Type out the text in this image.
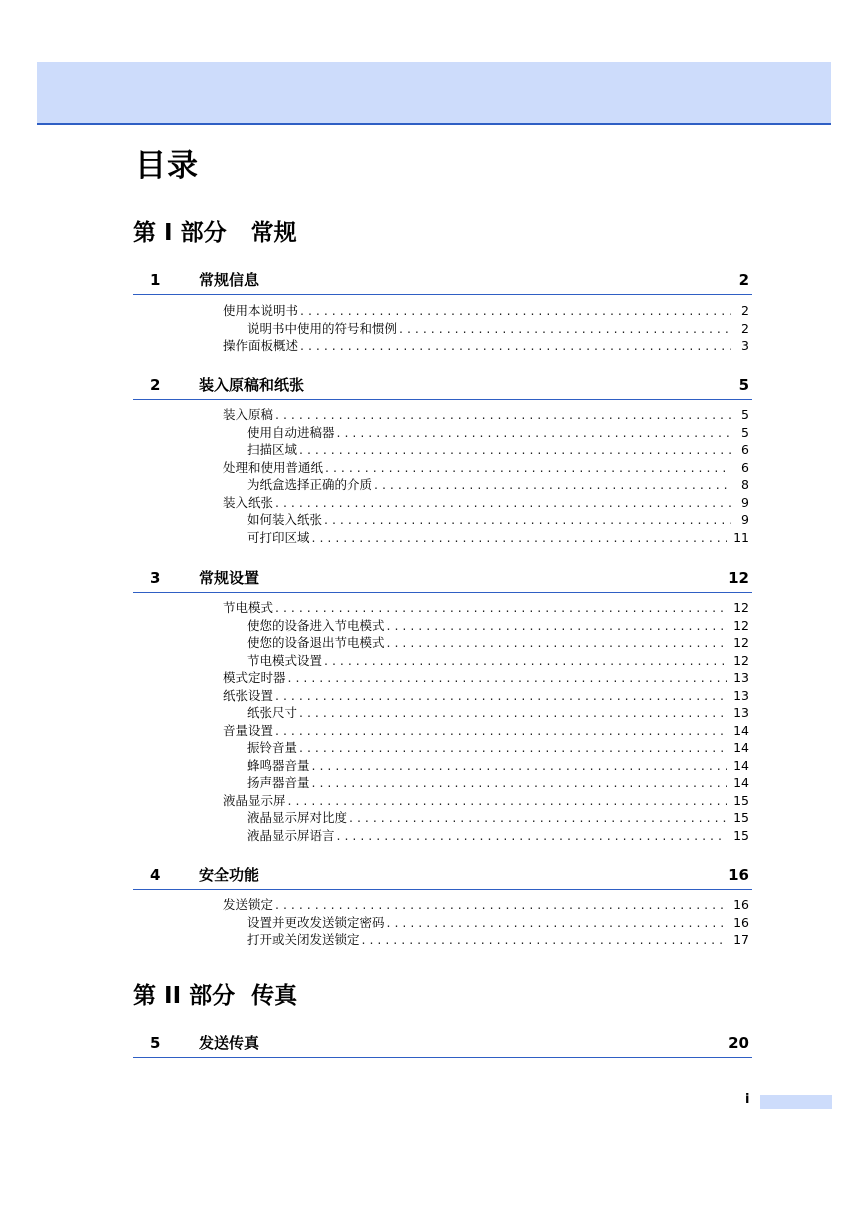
目录
第 I 部分   常规
1	常规信息	2
使用本说明书 . . .	2
说明书中使用的符号和惯例 . . .	2
操作面板概述 . . .	3
2	装入原稿和纸张	5
装入原稿 . . .	5
使用自动进稿器 . . .	5
扫描区域 . . .	6
处理和使用普通纸 . . .	6
为纸盒选择正确的介质 . . .	8
装入纸张 . . .	9
如何装入纸张 . . .	9
可打印区域 . . .	11
3	常规设置	12
节电模式 . . .	12
使您的设备进入节电模式 . . .	12
使您的设备退出节电模式 . . .	12
节电模式设置 . . .	12
模式定时器 . . .	13
纸张设置 . . .	13
纸张尺寸 . . .	13
音量设置 . . .	14
振铃音量 . . .	14
蜂鸣器音量 . . .	14
扬声器音量 . . .	14
液晶显示屏 . . .	15
液晶显示屏对比度 . . .	15
液晶显示屏语言 . . .	15
4	安全功能	16
发送锁定 . . .	16
设置并更改发送锁定密码 . . .	16
打开或关闭发送锁定 . . .	17
第 II 部分  传真
5	发送传真	20
i
